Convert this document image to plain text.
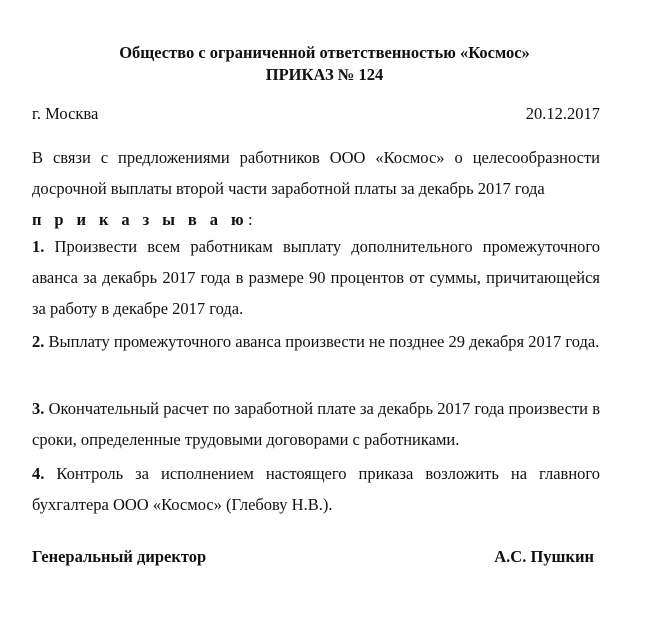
Общество с ограниченной ответственностью «Космос»
ПРИКАЗ № 124
г. Москва	20.12.2017
В связи с предложениями работников ООО «Космос» о целесообразности досрочной выплаты второй части заработной платы за декабрь 2017 года
п р и к а з ы в а ю:
1. Произвести всем работникам выплату дополнительного промежуточного аванса за декабрь 2017 года в размере 90 процентов от суммы, причитающейся за работу в декабре 2017 года.
2. Выплату промежуточного аванса произвести не позднее 29 декабря 2017 года.
3. Окончательный расчет по заработной плате за декабрь 2017 года произвести в сроки, определенные трудовыми договорами с работниками.
4. Контроль за исполнением настоящего приказа возложить на главного бухгалтера ООО «Космос» (Глебову Н.В.).
Генеральный директор	А.С. Пушкин
